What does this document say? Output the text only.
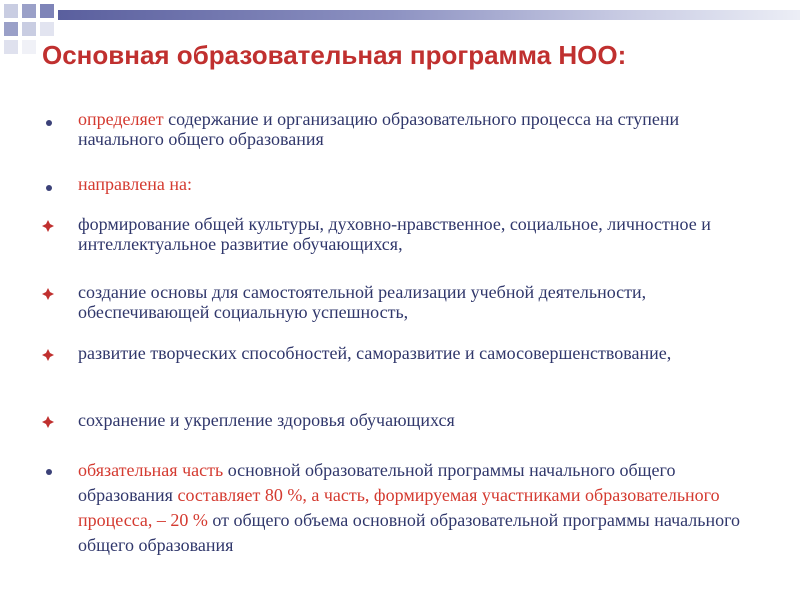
Основная образовательная программа НОО:
определяет содержание и организацию образовательного процесса на ступени начального общего образования
направлена на:
формирование общей культуры, духовно-нравственное, социальное, личностное и интеллектуальное развитие обучающихся,
создание основы для самостоятельной реализации учебной деятельности, обеспечивающей социальную успешность,
развитие творческих способностей, саморазвитие и самосовершенствование,
сохранение и укрепление здоровья обучающихся
обязательная часть основной образовательной программы начального общего образования составляет 80 %, а часть, формируемая участниками образовательного процесса, – 20 % от общего объема основной образовательной программы начального общего образования
